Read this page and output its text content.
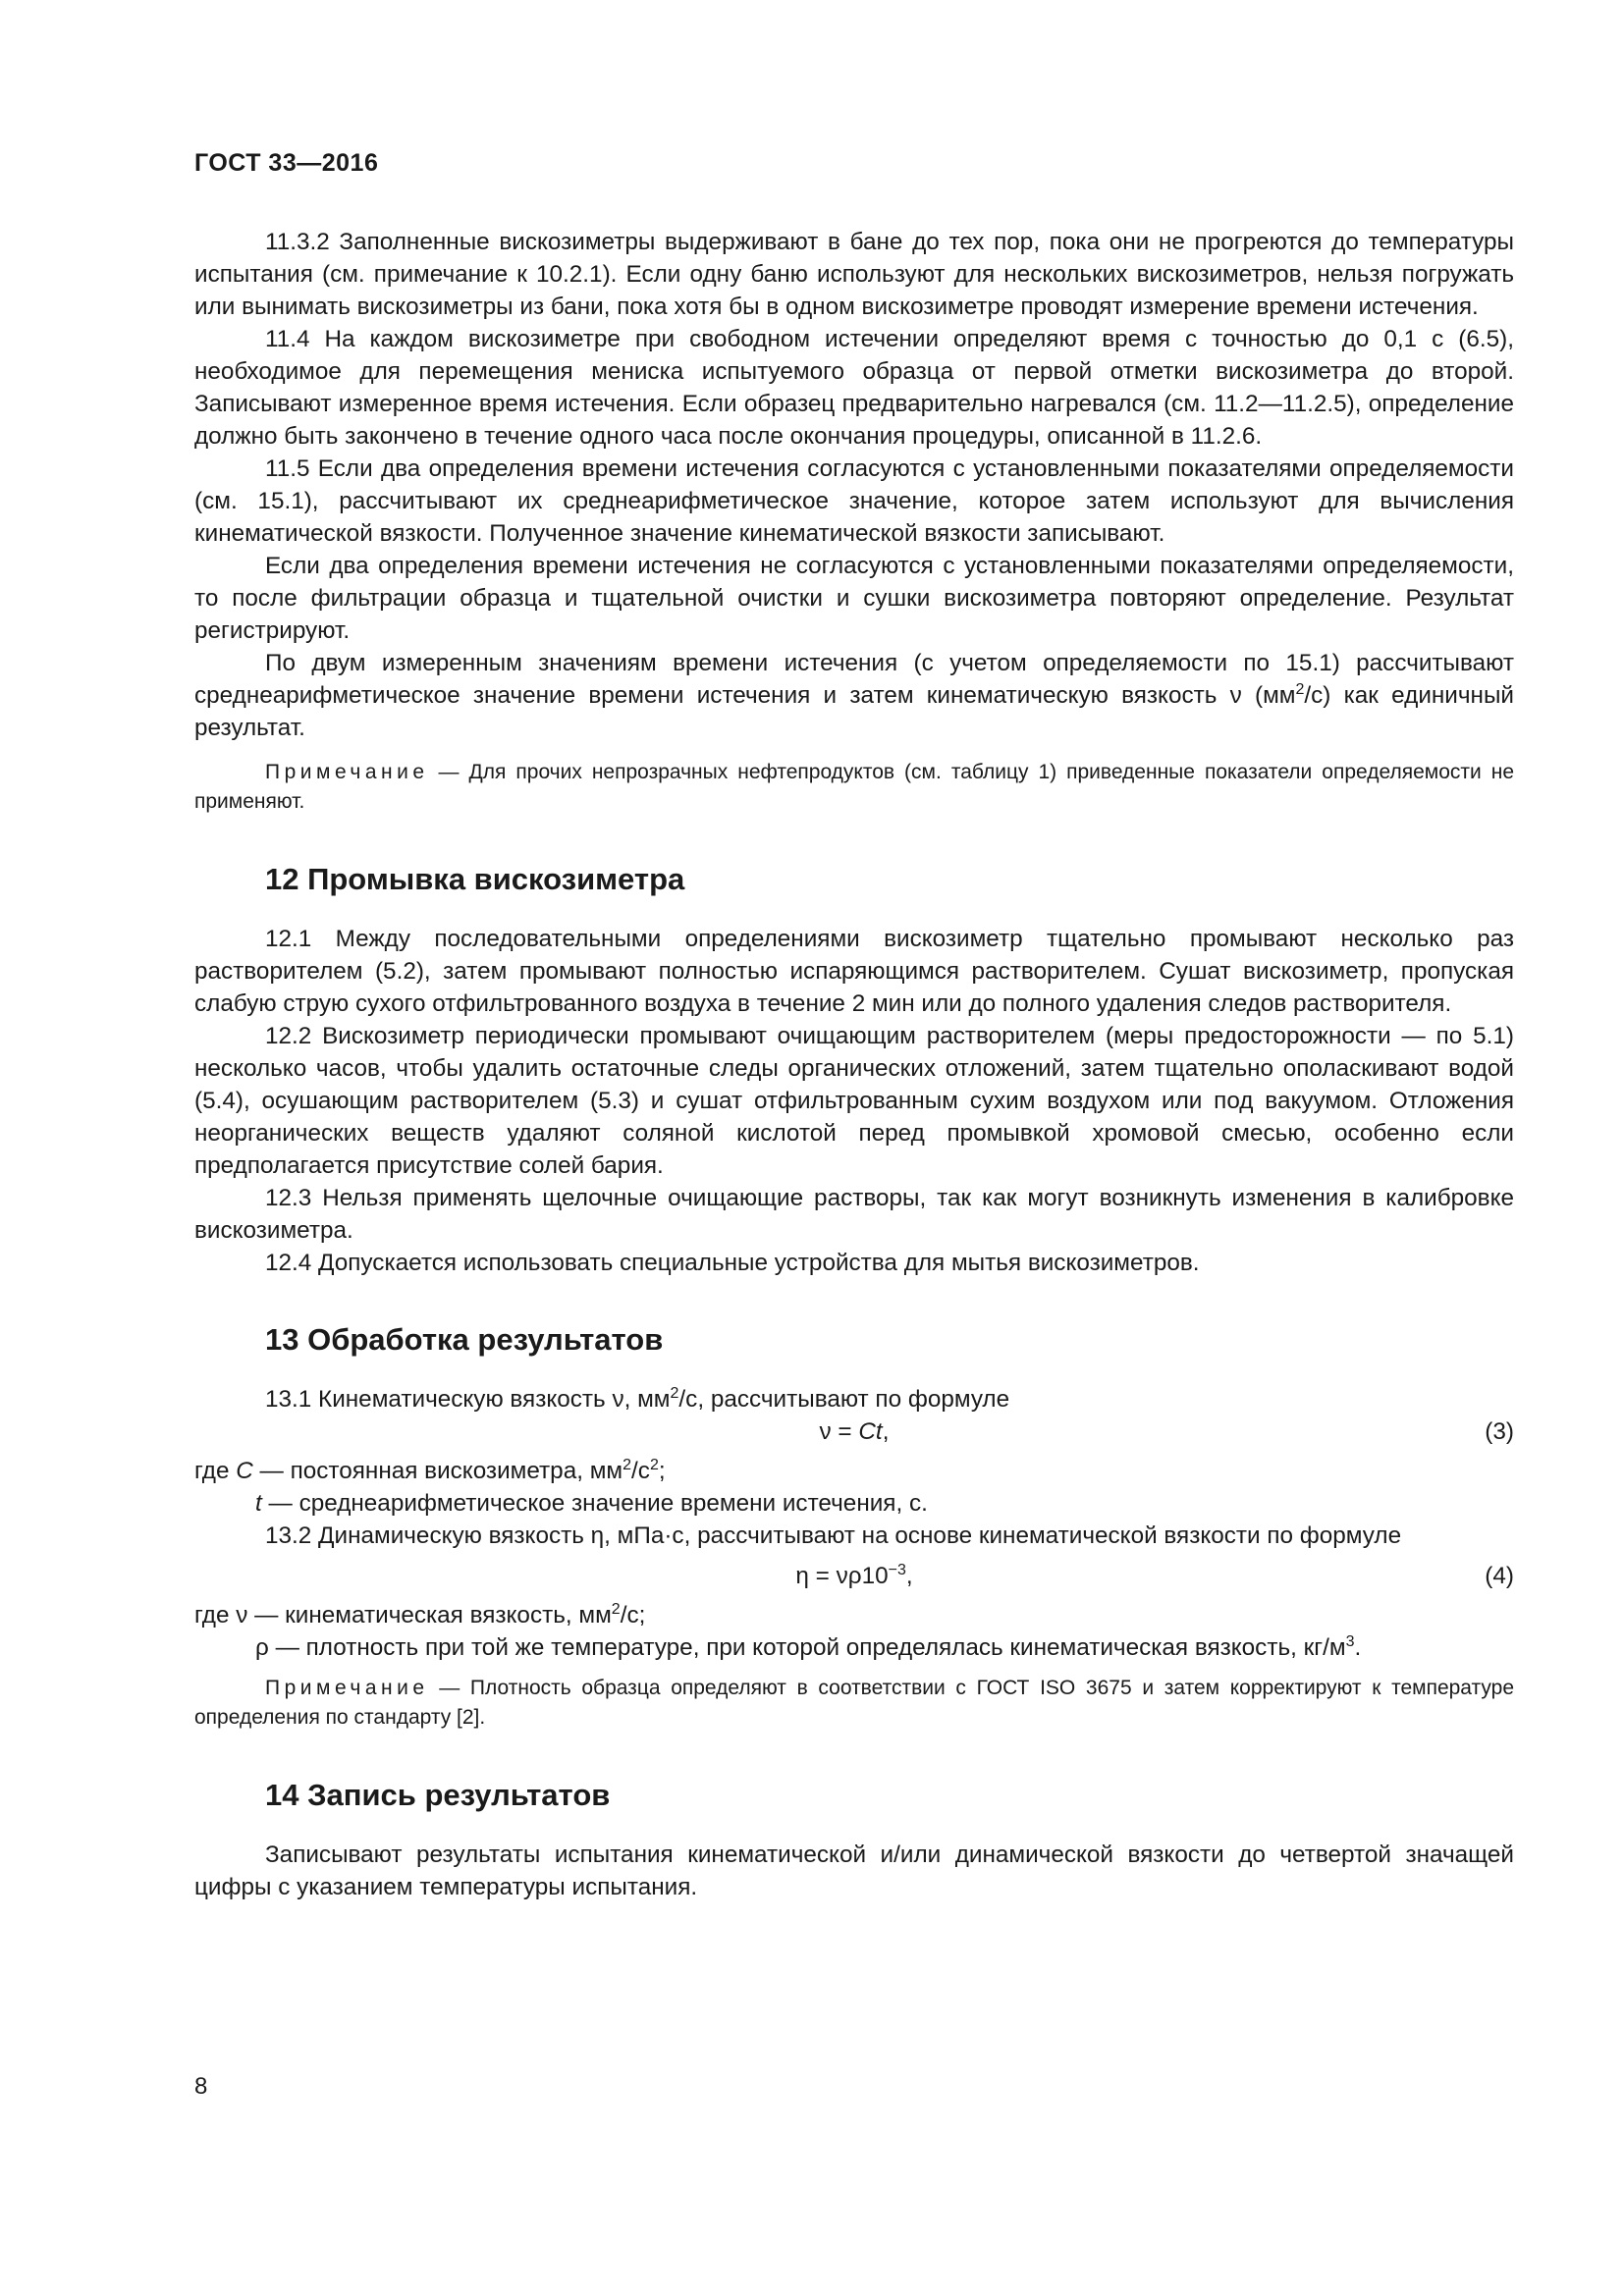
ГОСТ 33—2016

11.3.2 Заполненные вискозиметры выдерживают в бане до тех пор, пока они не прогреются до температуры испытания (см. примечание к 10.2.1). Если одну баню используют для нескольких вискозиметров, нельзя погружать или вынимать вискозиметры из бани, пока хотя бы в одном вискозиметре проводят измерение времени истечения.

11.4 На каждом вискозиметре при свободном истечении определяют время с точностью до 0,1 с (6.5), необходимое для перемещения мениска испытуемого образца от первой отметки вискозиметра до второй. Записывают измеренное время истечения. Если образец предварительно нагревался (см. 11.2—11.2.5), определение должно быть закончено в течение одного часа после окончания процедуры, описанной в 11.2.6.

11.5 Если два определения времени истечения согласуются с установленными показателями определяемости (см. 15.1), рассчитывают их среднеарифметическое значение, которое затем используют для вычисления кинематической вязкости. Полученное значение кинематической вязкости записывают.

Если два определения времени истечения не согласуются с установленными показателями определяемости, то после фильтрации образца и тщательной очистки и сушки вискозиметра повторяют определение. Результат регистрируют.

По двум измеренным значениям времени истечения (с учетом определяемости по 15.1) рассчитывают среднеарифметическое значение времени истечения и затем кинематическую вязкость ν $(мм^2/с)$ как единичный результат.

Примечание — Для прочих непрозрачных нефтепродуктов (см. таблицу 1) приведенные показатели определяемости не применяют.

12 Промывка вискозиметра

12.1 Между последовательными определениями вискозиметр тщательно промывают несколько раз растворителем (5.2), затем промывают полностью испаряющимся растворителем. Сушат вискозиметр, пропуская слабую струю сухого отфильтрованного воздуха в течение 2 мин или до полного удаления следов растворителя.

12.2 Вискозиметр периодически промывают очищающим растворителем (меры предосторожности — по 5.1) несколько часов, чтобы удалить остаточные следы органических отложений, затем тщательно ополаскивают водой (5.4), осушающим растворителем (5.3) и сушат отфильтрованным сухим воздухом или под вакуумом. Отложения неорганических веществ удаляют соляной кислотой перед промывкой хромовой смесью, особенно если предполагается присутствие солей бария.

12.3 Нельзя применять щелочные очищающие растворы, так как могут возникнуть изменения в калибровке вискозиметра.

12.4 Допускается использовать специальные устройства для мытья вискозиметров.

13 Обработка результатов

13.1 Кинематическую вязкость ν, $мм^2/с$, рассчитывают по формуле

ν = Ct,	(3)

где C — постоянная вискозиметра, $мм^2/с^2$;

t — среднеарифметическое значение времени истечения, с.

13.2 Динамическую вязкость η, мПа·с, рассчитывают на основе кинематической вязкости по формуле

$\eta = \nu\rho 10^{-3}$,	(4)

где ν — кинематическая вязкость, $мм^2/с$;

ρ — плотность при той же температуре, при которой определялась кинематическая вязкость, $кг/м^3$.

Примечание — Плотность образца определяют в соответствии с ГОСТ ISO 3675 и затем корректируют к температуре определения по стандарту [2].

14 Запись результатов

Записывают результаты испытания кинематической и/или динамической вязкости до четвертой значащей цифры с указанием температуры испытания.

8
